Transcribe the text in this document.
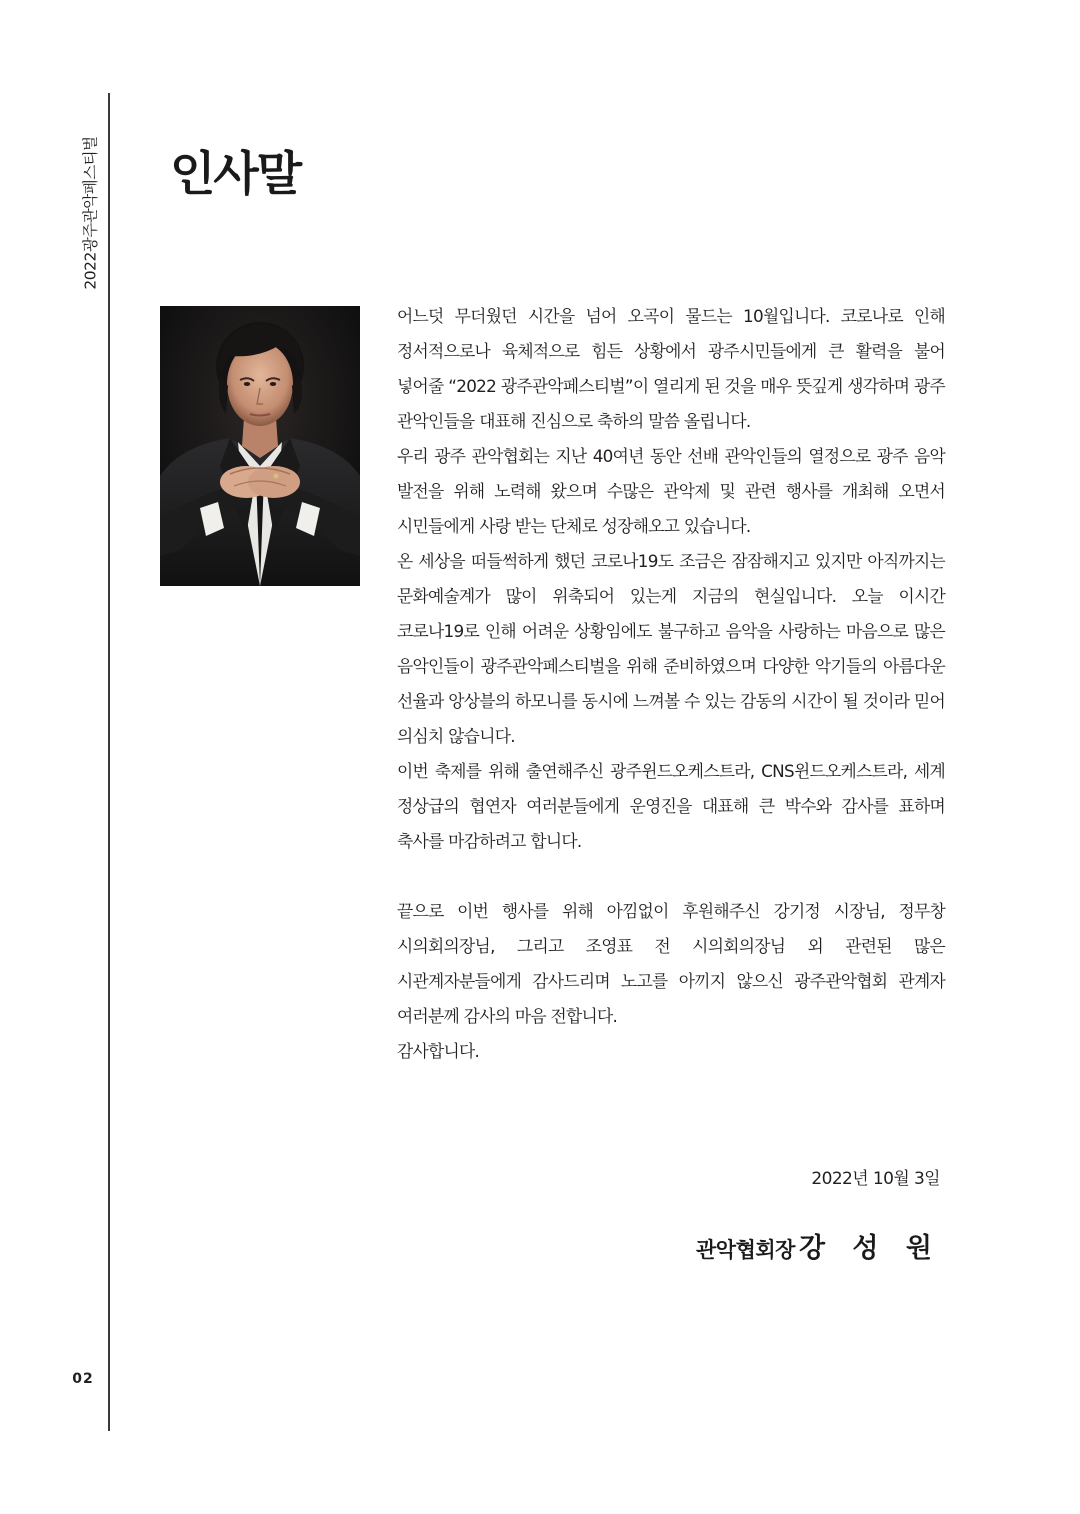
2022광주관악페스티벌
02
인사말

어느덧 무더웠던 시간을 넘어 오곡이 물드는 10월입니다. 코로나로 인해 정서적으로나 육체적으로 힘든 상황에서 광주시민들에게 큰 활력을 불어 넣어줄 “2022 광주관악페스티벌”이 열리게 된 것을 매우 뜻깊게 생각하며 광주 관악인들을 대표해 진심으로 축하의 말씀 올립니다.

우리 광주 관악협회는 지난 40여년 동안 선배 관악인들의 열정으로 광주 음악 발전을 위해 노력해 왔으며 수많은 관악제 및 관련 행사를 개최해 오면서 시민들에게 사랑 받는 단체로 성장해오고 있습니다.

온 세상을 떠들썩하게 했던 코로나19도 조금은 잠잠해지고 있지만 아직까지는 문화예술계가 많이 위축되어 있는게 지금의 현실입니다. 오늘 이시간 코로나19로 인해 어려운 상황임에도 불구하고 음악을 사랑하는 마음으로 많은 음악인들이 광주관악페스티벌을 위해 준비하였으며 다양한 악기들의 아름다운 선율과 앙상블의 하모니를 동시에 느껴볼 수 있는 감동의 시간이 될 것이라 믿어 의심치 않습니다.

이번 축제를 위해 출연해주신 광주윈드오케스트라, CNS윈드오케스트라, 세계 정상급의 협연자 여러분들에게 운영진을 대표해 큰 박수와 감사를 표하며 축사를 마감하려고 합니다.

끝으로 이번 행사를 위해 아낌없이 후원해주신 강기정 시장님, 정무창 시의회의장님, 그리고 조영표 전 시의회의장님 외 관련된 많은 시관계자분들에게 감사드리며 노고를 아끼지 않으신 광주관악협회 관계자 여러분께 감사의 마음 전합니다.

감사합니다.

2022년 10월 3일
관악협회장 강 성 원
